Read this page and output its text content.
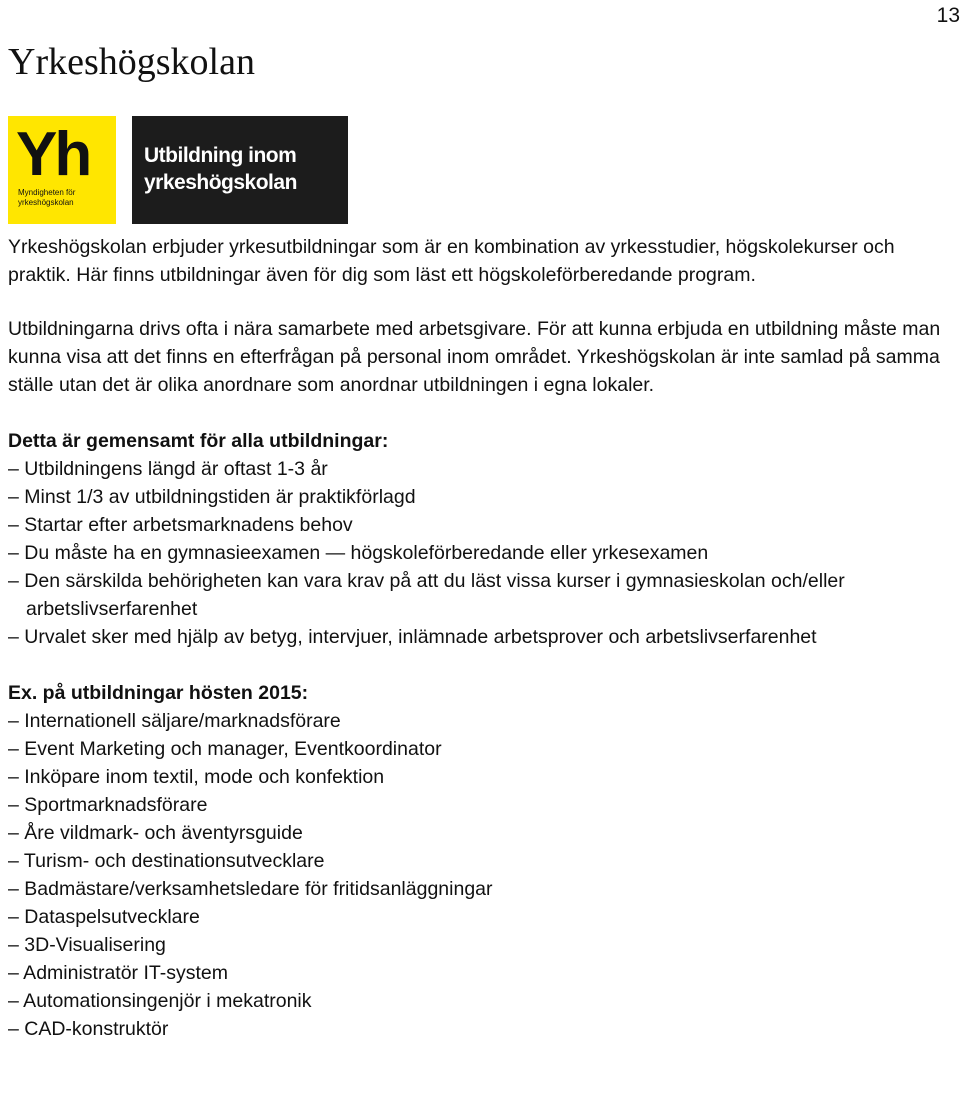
13
Yrkeshögskolan
Yh
Myndigheten för
yrkeshögskolan
Utbildning inom
yrkeshögskolan

Yrkeshögskolan erbjuder yrkesutbildningar som är en kombination av yrkesstudier, högskolekurser och praktik. Här finns utbildningar även för dig som läst ett högskoleförberedande program.

Utbildningarna drivs ofta i nära samarbete med arbetsgivare. För att kunna erbjuda en utbildning måste man kunna visa att det finns en efterfrågan på personal inom området. Yrkeshögskolan är inte samlad på samma ställe utan det är olika anordnare som anordnar utbildningen i egna lokaler.

Detta är gemensamt för alla utbildningar:
– Utbildningens längd är oftast 1-3 år
– Minst 1/3 av utbildningstiden är praktikförlagd
– Startar efter arbetsmarknadens behov
– Du måste ha en gymnasieexamen — högskoleförberedande eller yrkesexamen
– Den särskilda behörigheten kan vara krav på att du läst vissa kurser i gymnasieskolan och/eller arbetslivserfarenhet
– Urvalet sker med hjälp av betyg, intervjuer, inlämnade arbetsprover och arbetslivserfarenhet
Ex. på utbildningar hösten 2015:
– Internationell säljare/marknadsförare
– Event Marketing och manager, Eventkoordinator
– Inköpare inom textil, mode och konfektion
– Sportmarknadsförare
– Åre vildmark- och äventyrsguide
– Turism- och destinationsutvecklare
– Badmästare/verksamhetsledare för fritidsanläggningar
– Dataspelsutvecklare
– 3D-Visualisering
– Administratör IT-system
– Automationsingenjör i mekatronik
– CAD-konstruktör
